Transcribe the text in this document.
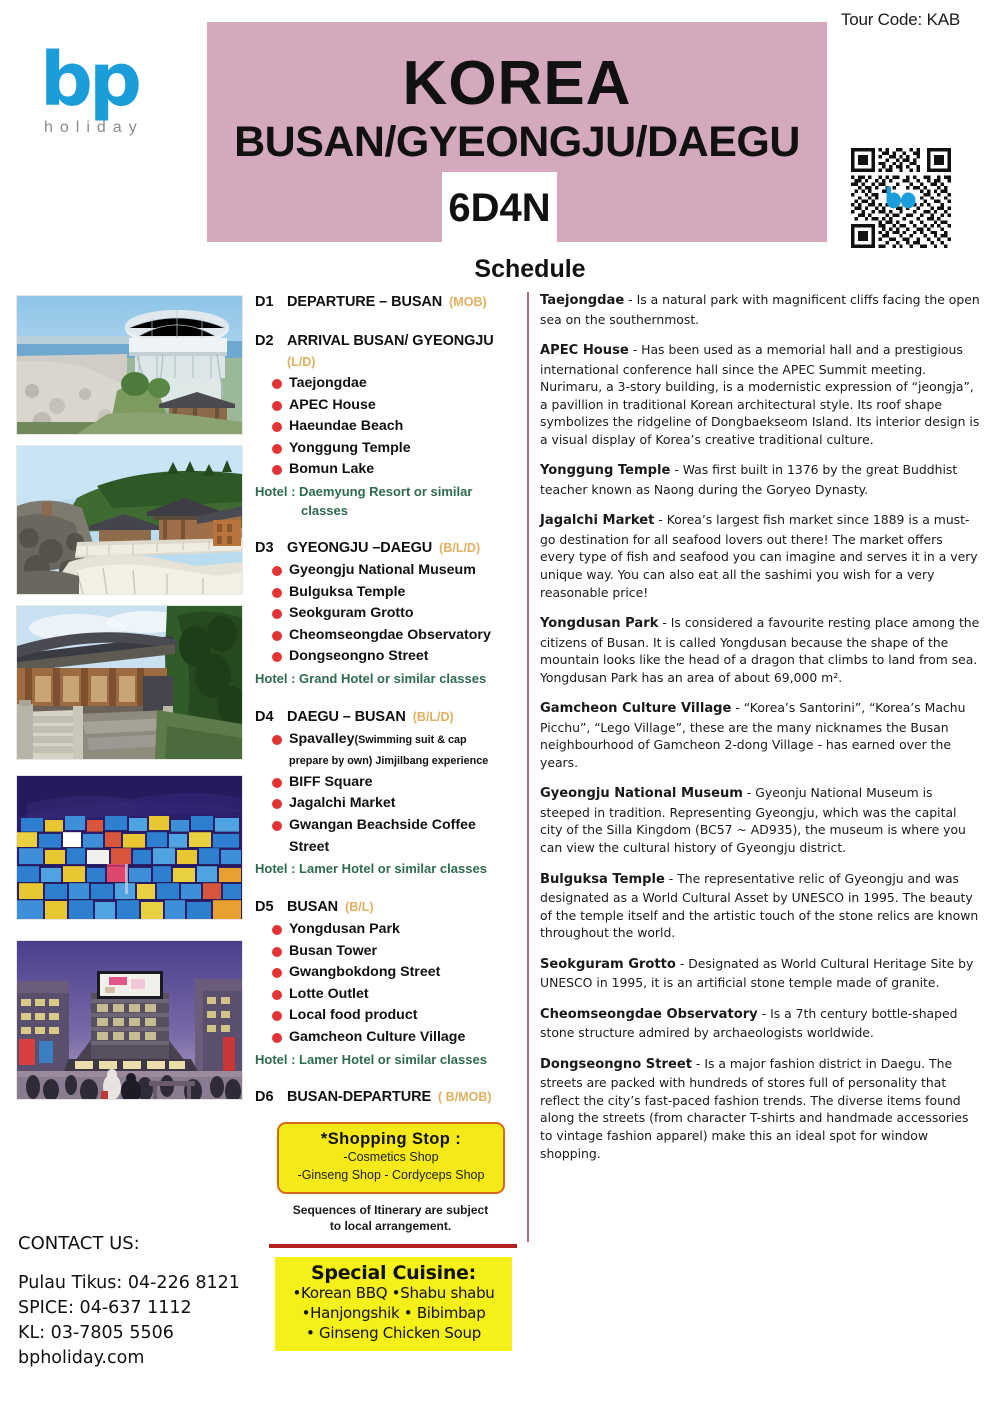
Tour Code: KAB
bp
holiday
KOREA
BUSAN/GYEONGJU/DAEGU
6D4N
Schedule
D1 DEPARTURE – BUSAN (MOB)
D2 ARRIVAL BUSAN/ GYEONGJU
(L/D)
Taejongdae
APEC House
Haeundae Beach
Yonggung Temple
Bomun Lake
Hotel : Daemyung Resort or similar
classes
D3 GYEONGJU –DAEGU (B/L/D)
Gyeongju National Museum
Bulguksa Temple
Seokguram Grotto
Cheomseongdae Observatory
Dongseongno Street
Hotel : Grand Hotel or similar classes
D4 DAEGU – BUSAN (B/L/D)
Spavalley(Swimming suit & cap
prepare by own) Jimjilbang experience
BIFF Square
Jagalchi Market
Gwangan Beachside Coffee
Street
Hotel : Lamer Hotel or similar classes
D5 BUSAN (B/L)
Yongdusan Park
Busan Tower
Gwangbokdong Street
Lotte Outlet
Local food product
Gamcheon Culture Village
Hotel : Lamer Hotel or similar classes
D6 BUSAN-DEPARTURE ( B/MOB)
*Shopping Stop :
-Cosmetics Shop
-Ginseng Shop - Cordyceps Shop
Sequences of Itinerary are subject
to local arrangement.
Special Cuisine:
•Korean BBQ •Shabu shabu
•Hanjongshik • Bibimbap
• Ginseng Chicken Soup

Taejongdae - Is a natural park with magnificent cliffs facing the open sea on the southernmost.

APEC House - Has been used as a memorial hall and a prestigious international conference hall since the APEC Summit meeting. Nurimaru, a 3-story building, is a modernistic expression of “jeongja”, a pavillion in traditional Korean architectural style. Its roof shape symbolizes the ridgeline of Dongbaekseom Island. Its interior design is a visual display of Korea’s creative traditional culture.

Yonggung Temple - Was first built in 1376 by the great Buddhist teacher known as Naong during the Goryeo Dynasty.

Jagalchi Market - Korea’s largest fish market since 1889 is a must-go destination for all seafood lovers out there! The market offers every type of fish and seafood you can imagine and serves it in a very unique way. You can also eat all the sashimi you wish for a very reasonable price!

Yongdusan Park - Is considered a favourite resting place among the citizens of Busan. It is called Yongdusan because the shape of the mountain looks like the head of a dragon that climbs to land from sea. Yongdusan Park has an area of about 69,000 m².

Gamcheon Culture Village - “Korea’s Santorini”, “Korea’s Machu Picchu”, “Lego Village”, these are the many nicknames the Busan neighbourhood of Gamcheon 2-dong Village - has earned over the years.

Gyeongju National Museum - Gyeonju National Museum is steeped in tradition. Representing Gyeongju, which was the capital city of the Silla Kingdom (BC57 ~ AD935), the museum is where you can view the cultural history of Gyeongju district.

Bulguksa Temple - The representative relic of Gyeongju and was designated as a World Cultural Asset by UNESCO in 1995. The beauty of the temple itself and the artistic touch of the stone relics are known throughout the world.

Seokguram Grotto - Designated as World Cultural Heritage Site by UNESCO in 1995, it is an artificial stone temple made of granite.

Cheomseongdae Observatory - Is a 7th century bottle-shaped stone structure admired by archaeologists worldwide.

Dongseongno Street - Is a major fashion district in Daegu. The streets are packed with hundreds of stores full of personality that reflect the city’s fast-paced fashion trends. The diverse items found along the streets (from character T-shirts and handmade accessories to vintage fashion apparel) make this an ideal spot for window shopping.

CONTACT US:
Pulau Tikus: 04-226 8121
SPICE: 04-637 1112
KL: 03-7805 5506
bpholiday.com
